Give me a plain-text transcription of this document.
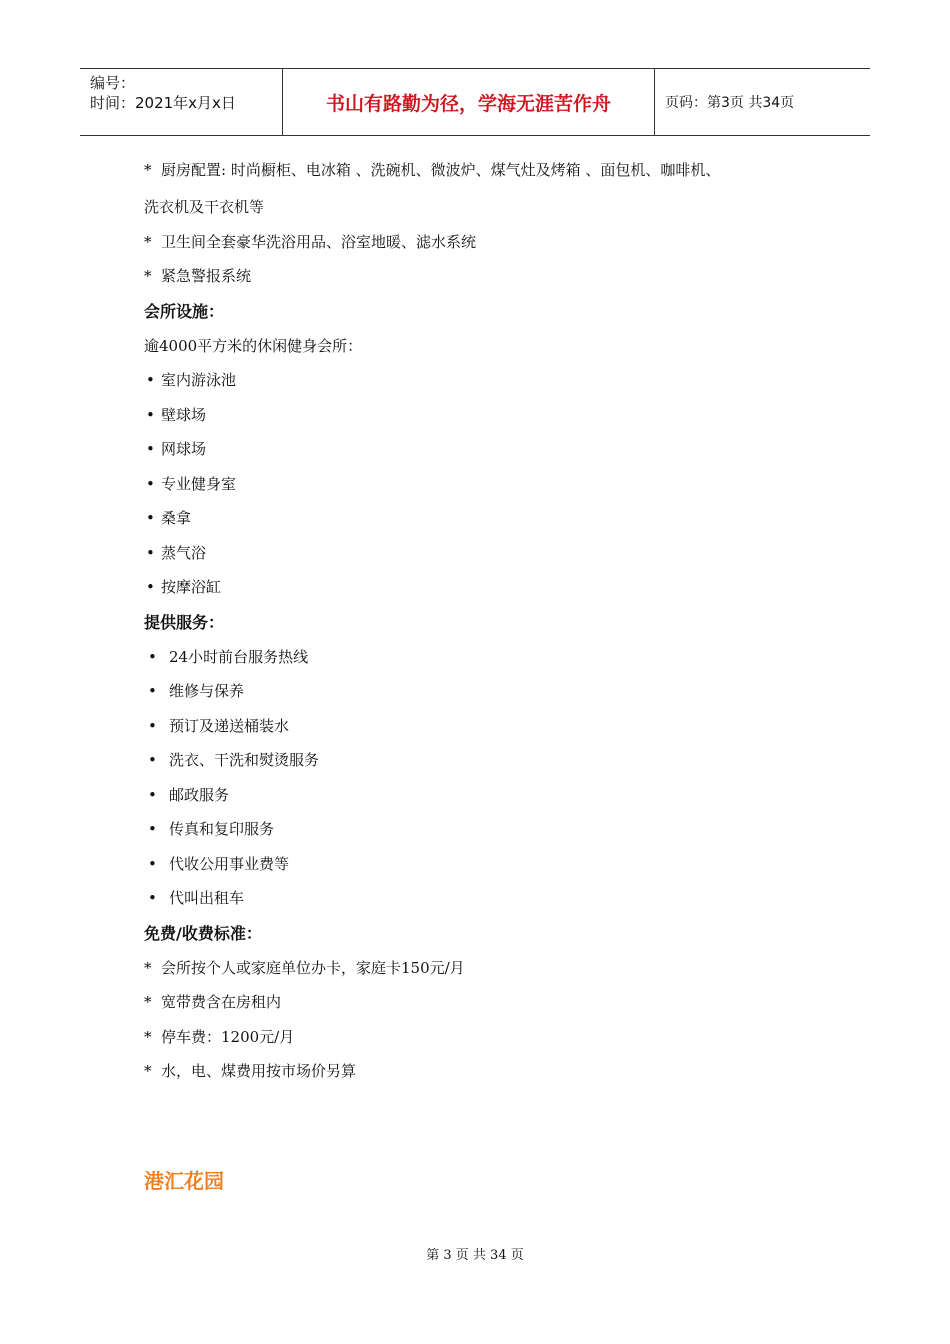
编号：
时间：2021年x月x日	书山有路勤为径，学海无涯苦作舟	页码：第3页 共34页
* 厨房配置: 时尚橱柜、电冰箱 、洗碗机、微波炉、煤气灶及烤箱 、面包机、咖啡机、
洗衣机及干衣机等
* 卫生间全套豪华洗浴用品、浴室地暖、滤水系统
* 紧急警报系统
会所设施：
逾4000平方米的休闲健身会所：
• 室内游泳池
• 壁球场
• 网球场
• 专业健身室
• 桑拿
• 蒸气浴
• 按摩浴缸
提供服务：
• 24小时前台服务热线
• 维修与保养
• 预订及递送桶装水
• 洗衣、干洗和熨烫服务
• 邮政服务
• 传真和复印服务
• 代收公用事业费等
• 代叫出租车
免费/收费标准：
* 会所按个人或家庭单位办卡，家庭卡150元/月
* 宽带费含在房租内
* 停车费：1200元/月
* 水，电、煤费用按市场价另算
港汇花园
第 3 页 共 34 页
